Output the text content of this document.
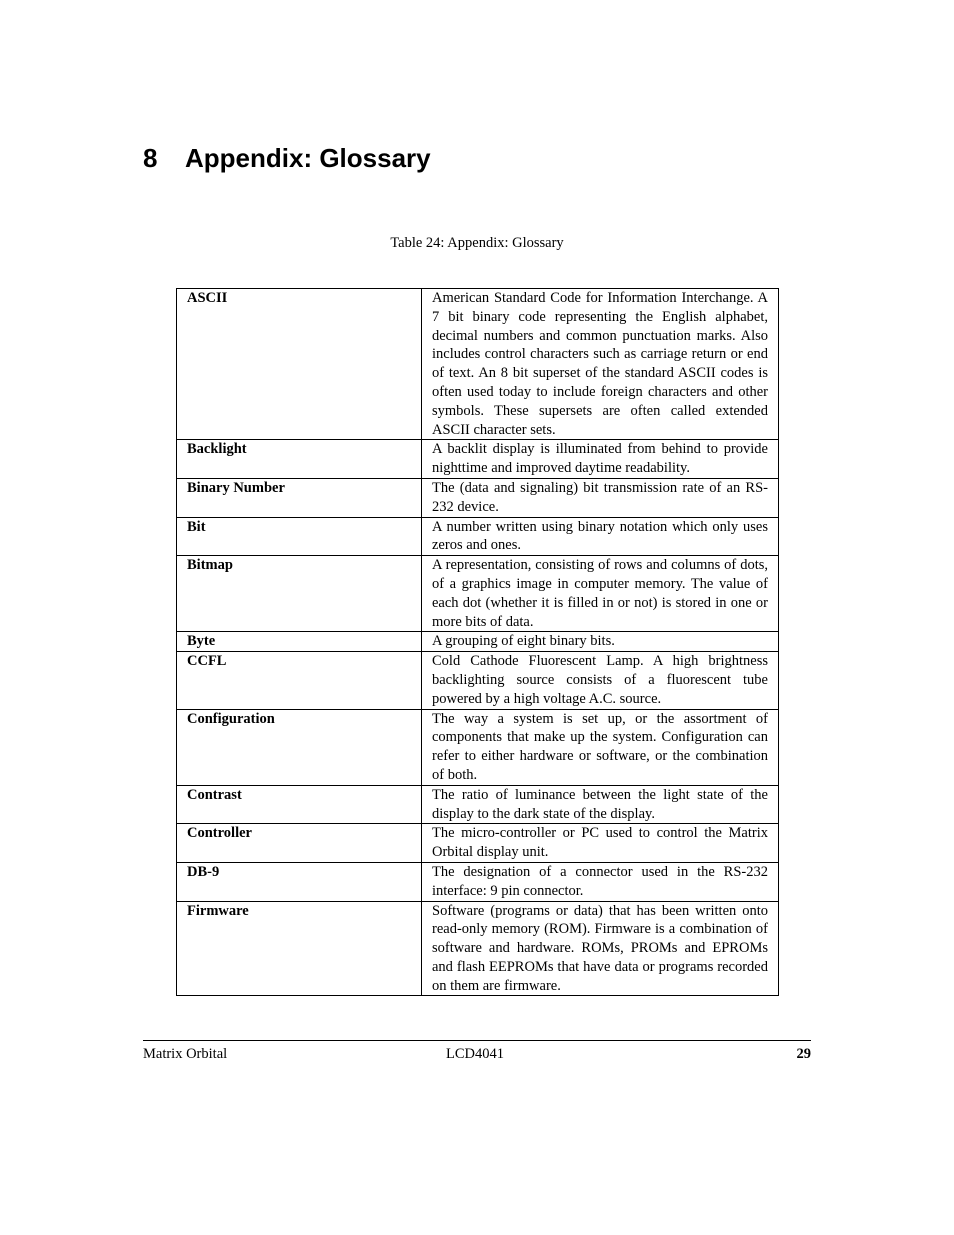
8 Appendix: Glossary
Table 24: Appendix: Glossary
ASCII	American Standard Code for Information Interchange. A 7 bit binary code representing the English alphabet, decimal numbers and common punctuation marks. Also includes control characters such as carriage return or end of text. An 8 bit superset of the standard ASCII codes is often used today to include foreign characters and other symbols. These supersets are often called extended ASCII character sets.
Backlight	A backlit display is illuminated from behind to provide nighttime and improved daytime readability.
Binary Number	The (data and signaling) bit transmission rate of an RS-232 device.
Bit	A number written using binary notation which only uses zeros and ones.
Bitmap	A representation, consisting of rows and columns of dots, of a graphics image in computer memory. The value of each dot (whether it is filled in or not) is stored in one or more bits of data.
Byte	A grouping of eight binary bits.
CCFL	Cold Cathode Fluorescent Lamp. A high brightness backlighting source consists of a fluorescent tube powered by a high voltage A.C. source.
Configuration	The way a system is set up, or the assortment of components that make up the system. Configuration can refer to either hardware or software, or the combination of both.
Contrast	The ratio of luminance between the light state of the display to the dark state of the display.
Controller	The micro-controller or PC used to control the Matrix Orbital display unit.
DB-9	The designation of a connector used in the RS-232 interface: 9 pin connector.
Firmware	Software (programs or data) that has been written onto read-only memory (ROM). Firmware is a combination of software and hardware. ROMs, PROMs and EPROMs and flash EEPROMs that have data or programs recorded on them are firmware.
Matrix Orbital	LCD4041	29
